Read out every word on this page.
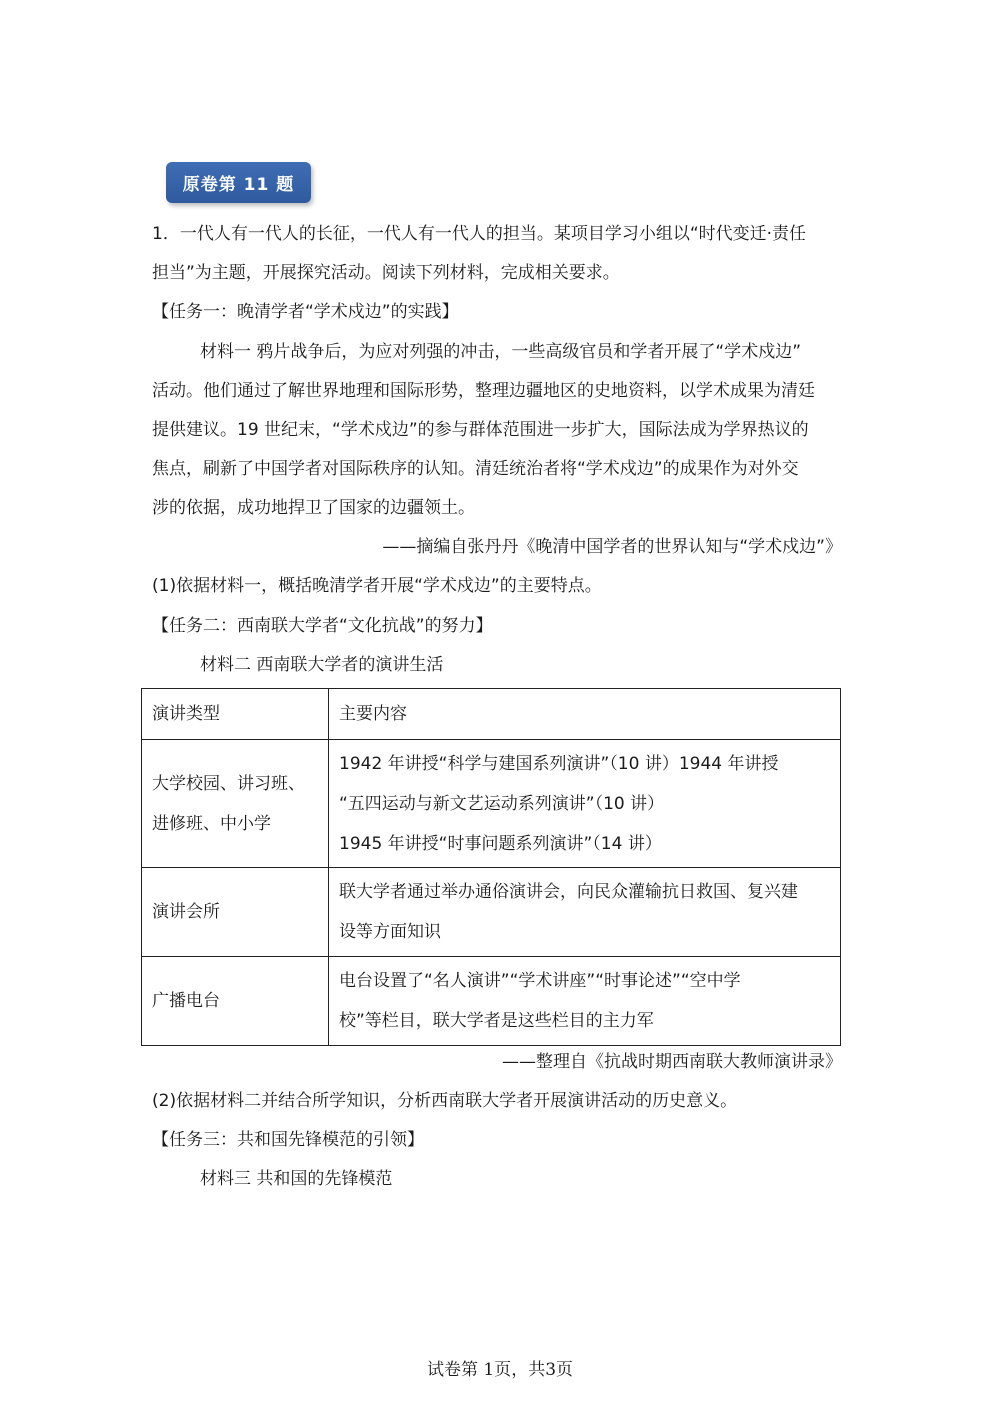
原卷第 11 题
1．一代人有一代人的长征，一代人有一代人的担当。某项目学习小组以“时代变迁·责任
担当”为主题，开展探究活动。阅读下列材料，完成相关要求。
【任务一：晚清学者“学术戍边”的实践】
材料一 鸦片战争后，为应对列强的冲击，一些高级官员和学者开展了“学术戍边”
活动。他们通过了解世界地理和国际形势，整理边疆地区的史地资料，以学术成果为清廷
提供建议。19 世纪末，“学术戍边”的参与群体范围进一步扩大，国际法成为学界热议的
焦点，刷新了中国学者对国际秩序的认知。清廷统治者将“学术戍边”的成果作为对外交
涉的依据，成功地捍卫了国家的边疆领土。
——摘编自张丹丹《晚清中国学者的世界认知与“学术戍边”》
(1)依据材料一，概括晚清学者开展“学术戍边”的主要特点。
【任务二：西南联大学者“文化抗战”的努力】
材料二 西南联大学者的演讲生活
演讲类型	主要内容

大学校园、讲习班、
进修班、中小学	1942 年讲授“科学与建国系列演讲”（10 讲）1944 年讲授
“五四运动与新文艺运动系列演讲”（10 讲）
1945 年讲授“时事问题系列演讲”（14 讲）

演讲会所	联大学者通过举办通俗演讲会，向民众灌输抗日救国、复兴建
设等方面知识

广播电台	电台设置了“名人演讲”“学术讲座”“时事论述”“空中学
校”等栏目，联大学者是这些栏目的主力军
——整理自《抗战时期西南联大教师演讲录》
(2)依据材料二并结合所学知识，分析西南联大学者开展演讲活动的历史意义。
【任务三：共和国先锋模范的引领】
材料三 共和国的先锋模范
试卷第 1页，共3页
